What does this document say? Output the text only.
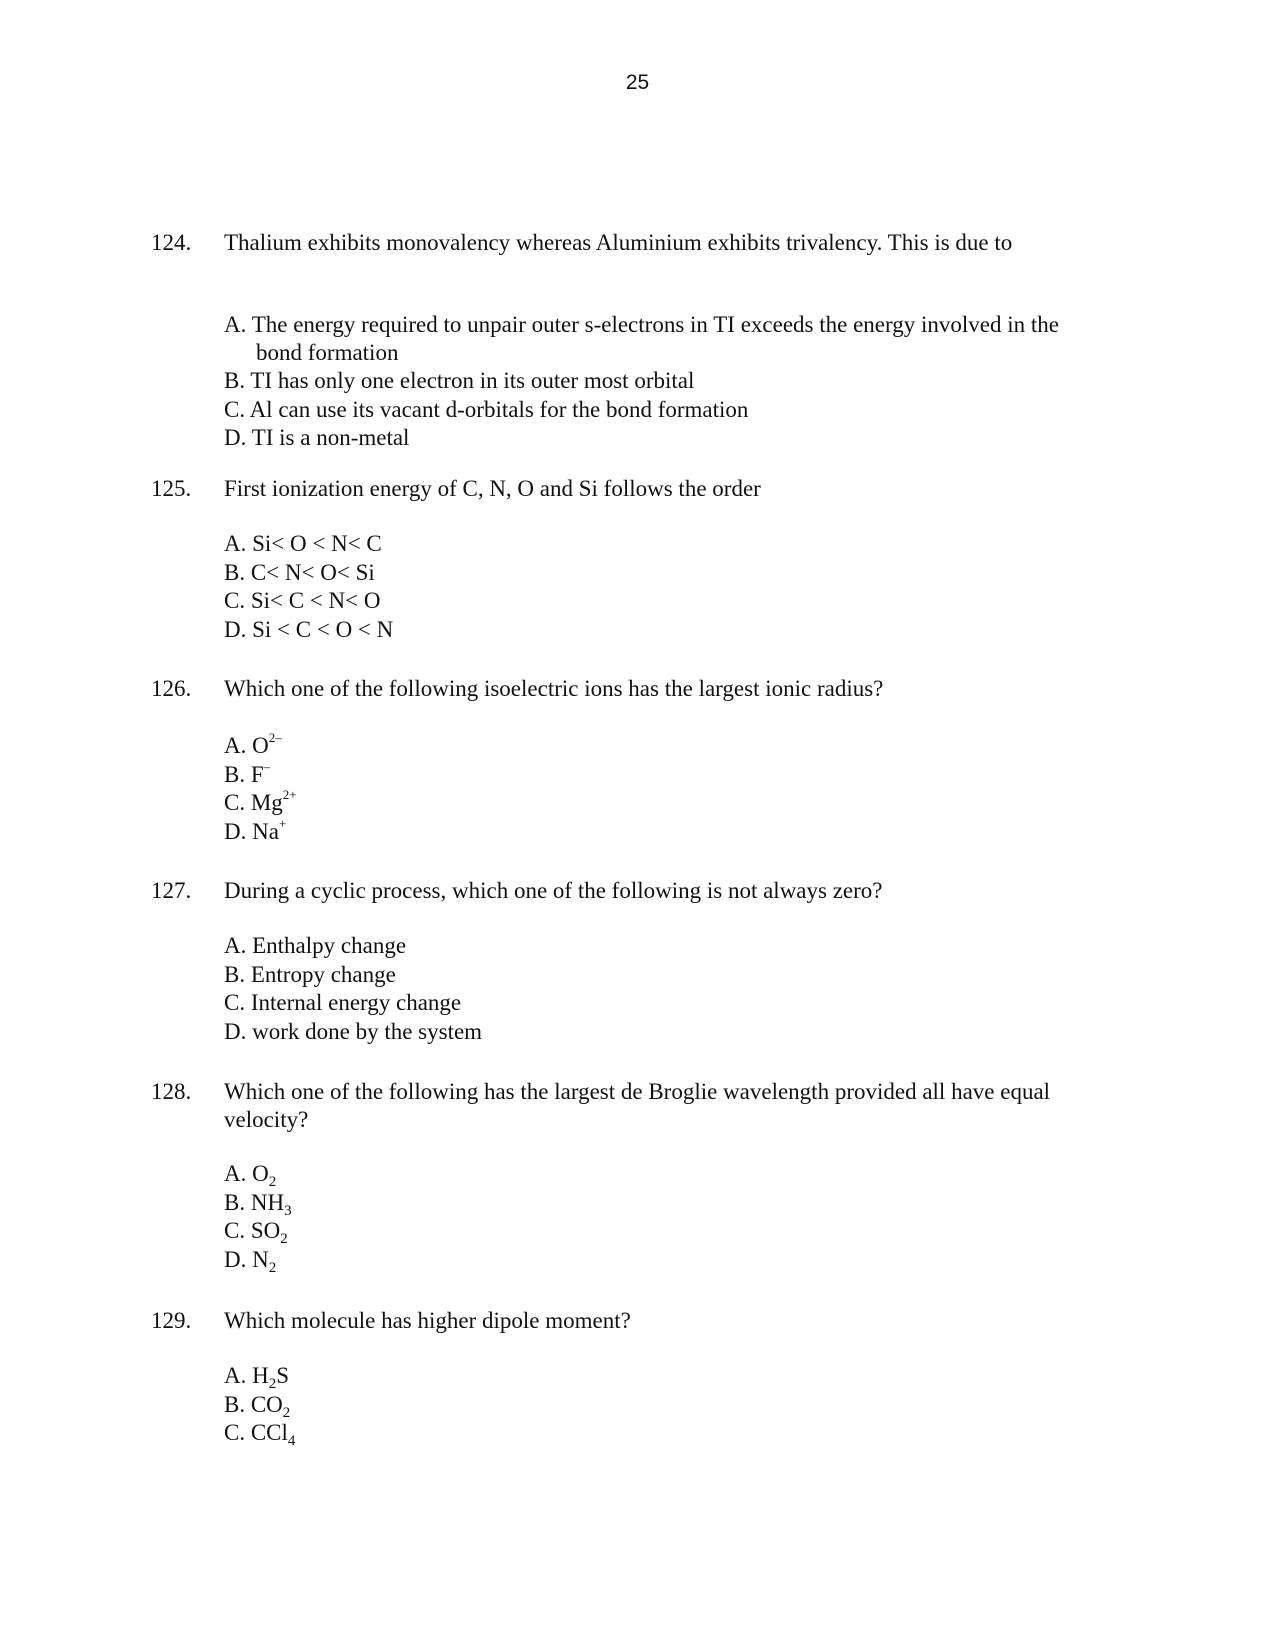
25
124. Thalium exhibits monovalency whereas Aluminium exhibits trivalency. This is due to
A. The energy required to unpair outer s-electrons in TI exceeds the energy involved in the bond formation
B. TI has only one electron in its outer most orbital
C. Al can use its vacant d-orbitals for the bond formation
D. TI is a non-metal
125. First ionization energy of C, N, O and Si follows the order
A. Si< O < N< C
B. C< N< O< Si
C. Si< C < N< O
D. Si < C < O < N
126. Which one of the following isoelectric ions has the largest ionic radius?
A. $O^{2-}$
B. F–
C. $Mg^{2+}$
D. Na+
127. During a cyclic process, which one of the following is not always zero?
A. Enthalpy change
B. Entropy change
C. Internal energy change
D. work done by the system
128. Which one of the following has the largest de Broglie wavelength provided all have equal velocity?
A. $O_2$
B. $NH_3$
C. $SO_2$
D. $N_2$
129. Which molecule has higher dipole moment?
A. $H_2S$
B. $CO_2$
C. CCl$_4$
